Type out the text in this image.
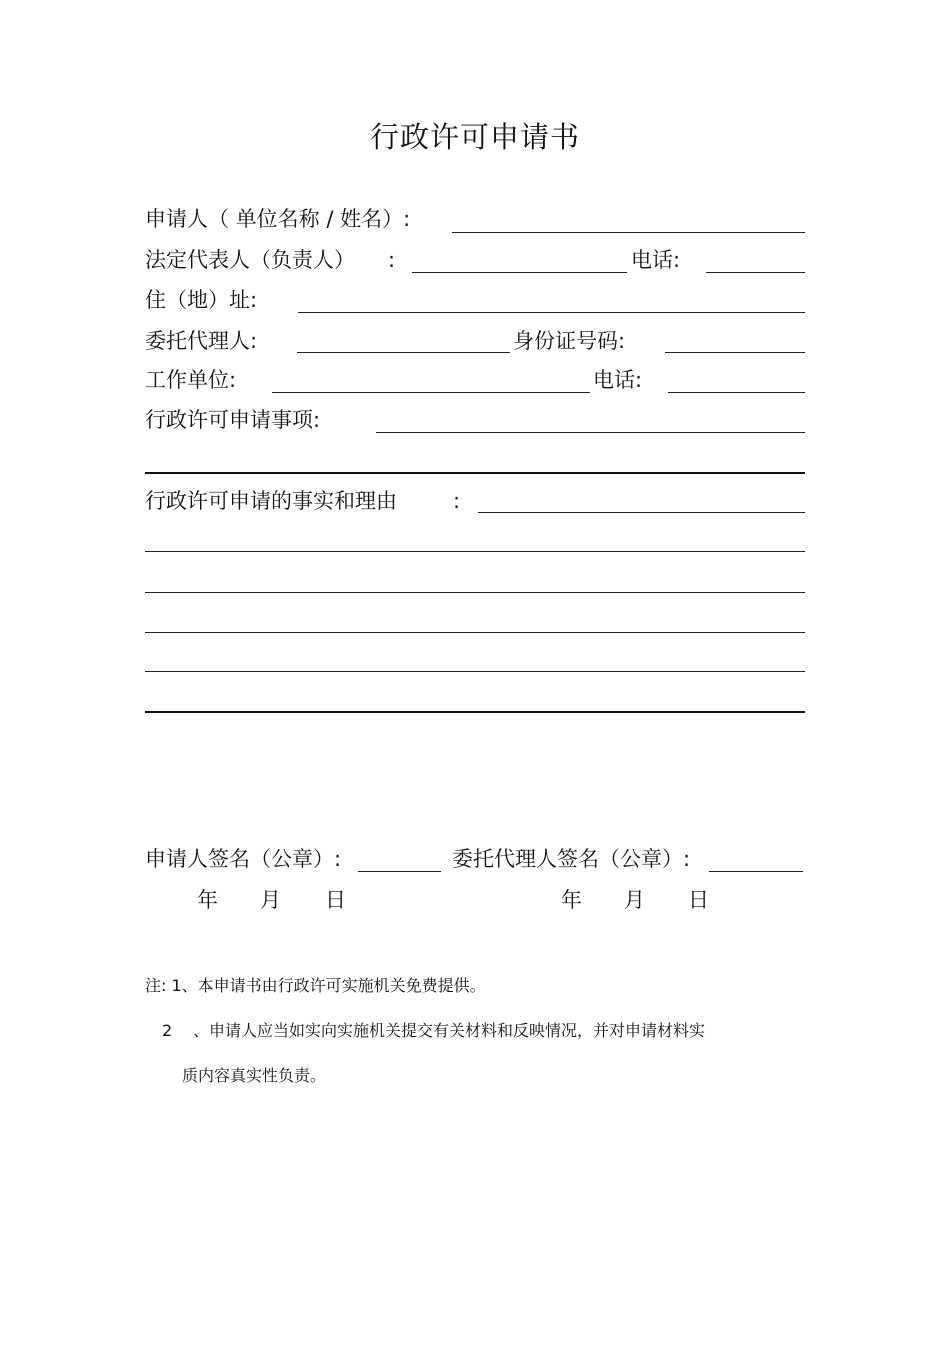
行政许可申请书
申请人（ 单位名称 / 姓名）:
法定代表人（负责人） :	电话:
住（地）址:
委托代理人:	身份证号码:
工作单位:	电话:
行政许可申请事项:
行政许可申请的事实和理由	:
申请人签名（公章）:	委托代理人签名（公章）:
年 月 日	年 月 日
注: 1、本申请书由行政许可实施机关免费提供。
2 、申请人应当如实向实施机关提交有关材料和反映情况，并对申请材料实
质内容真实性负责。
